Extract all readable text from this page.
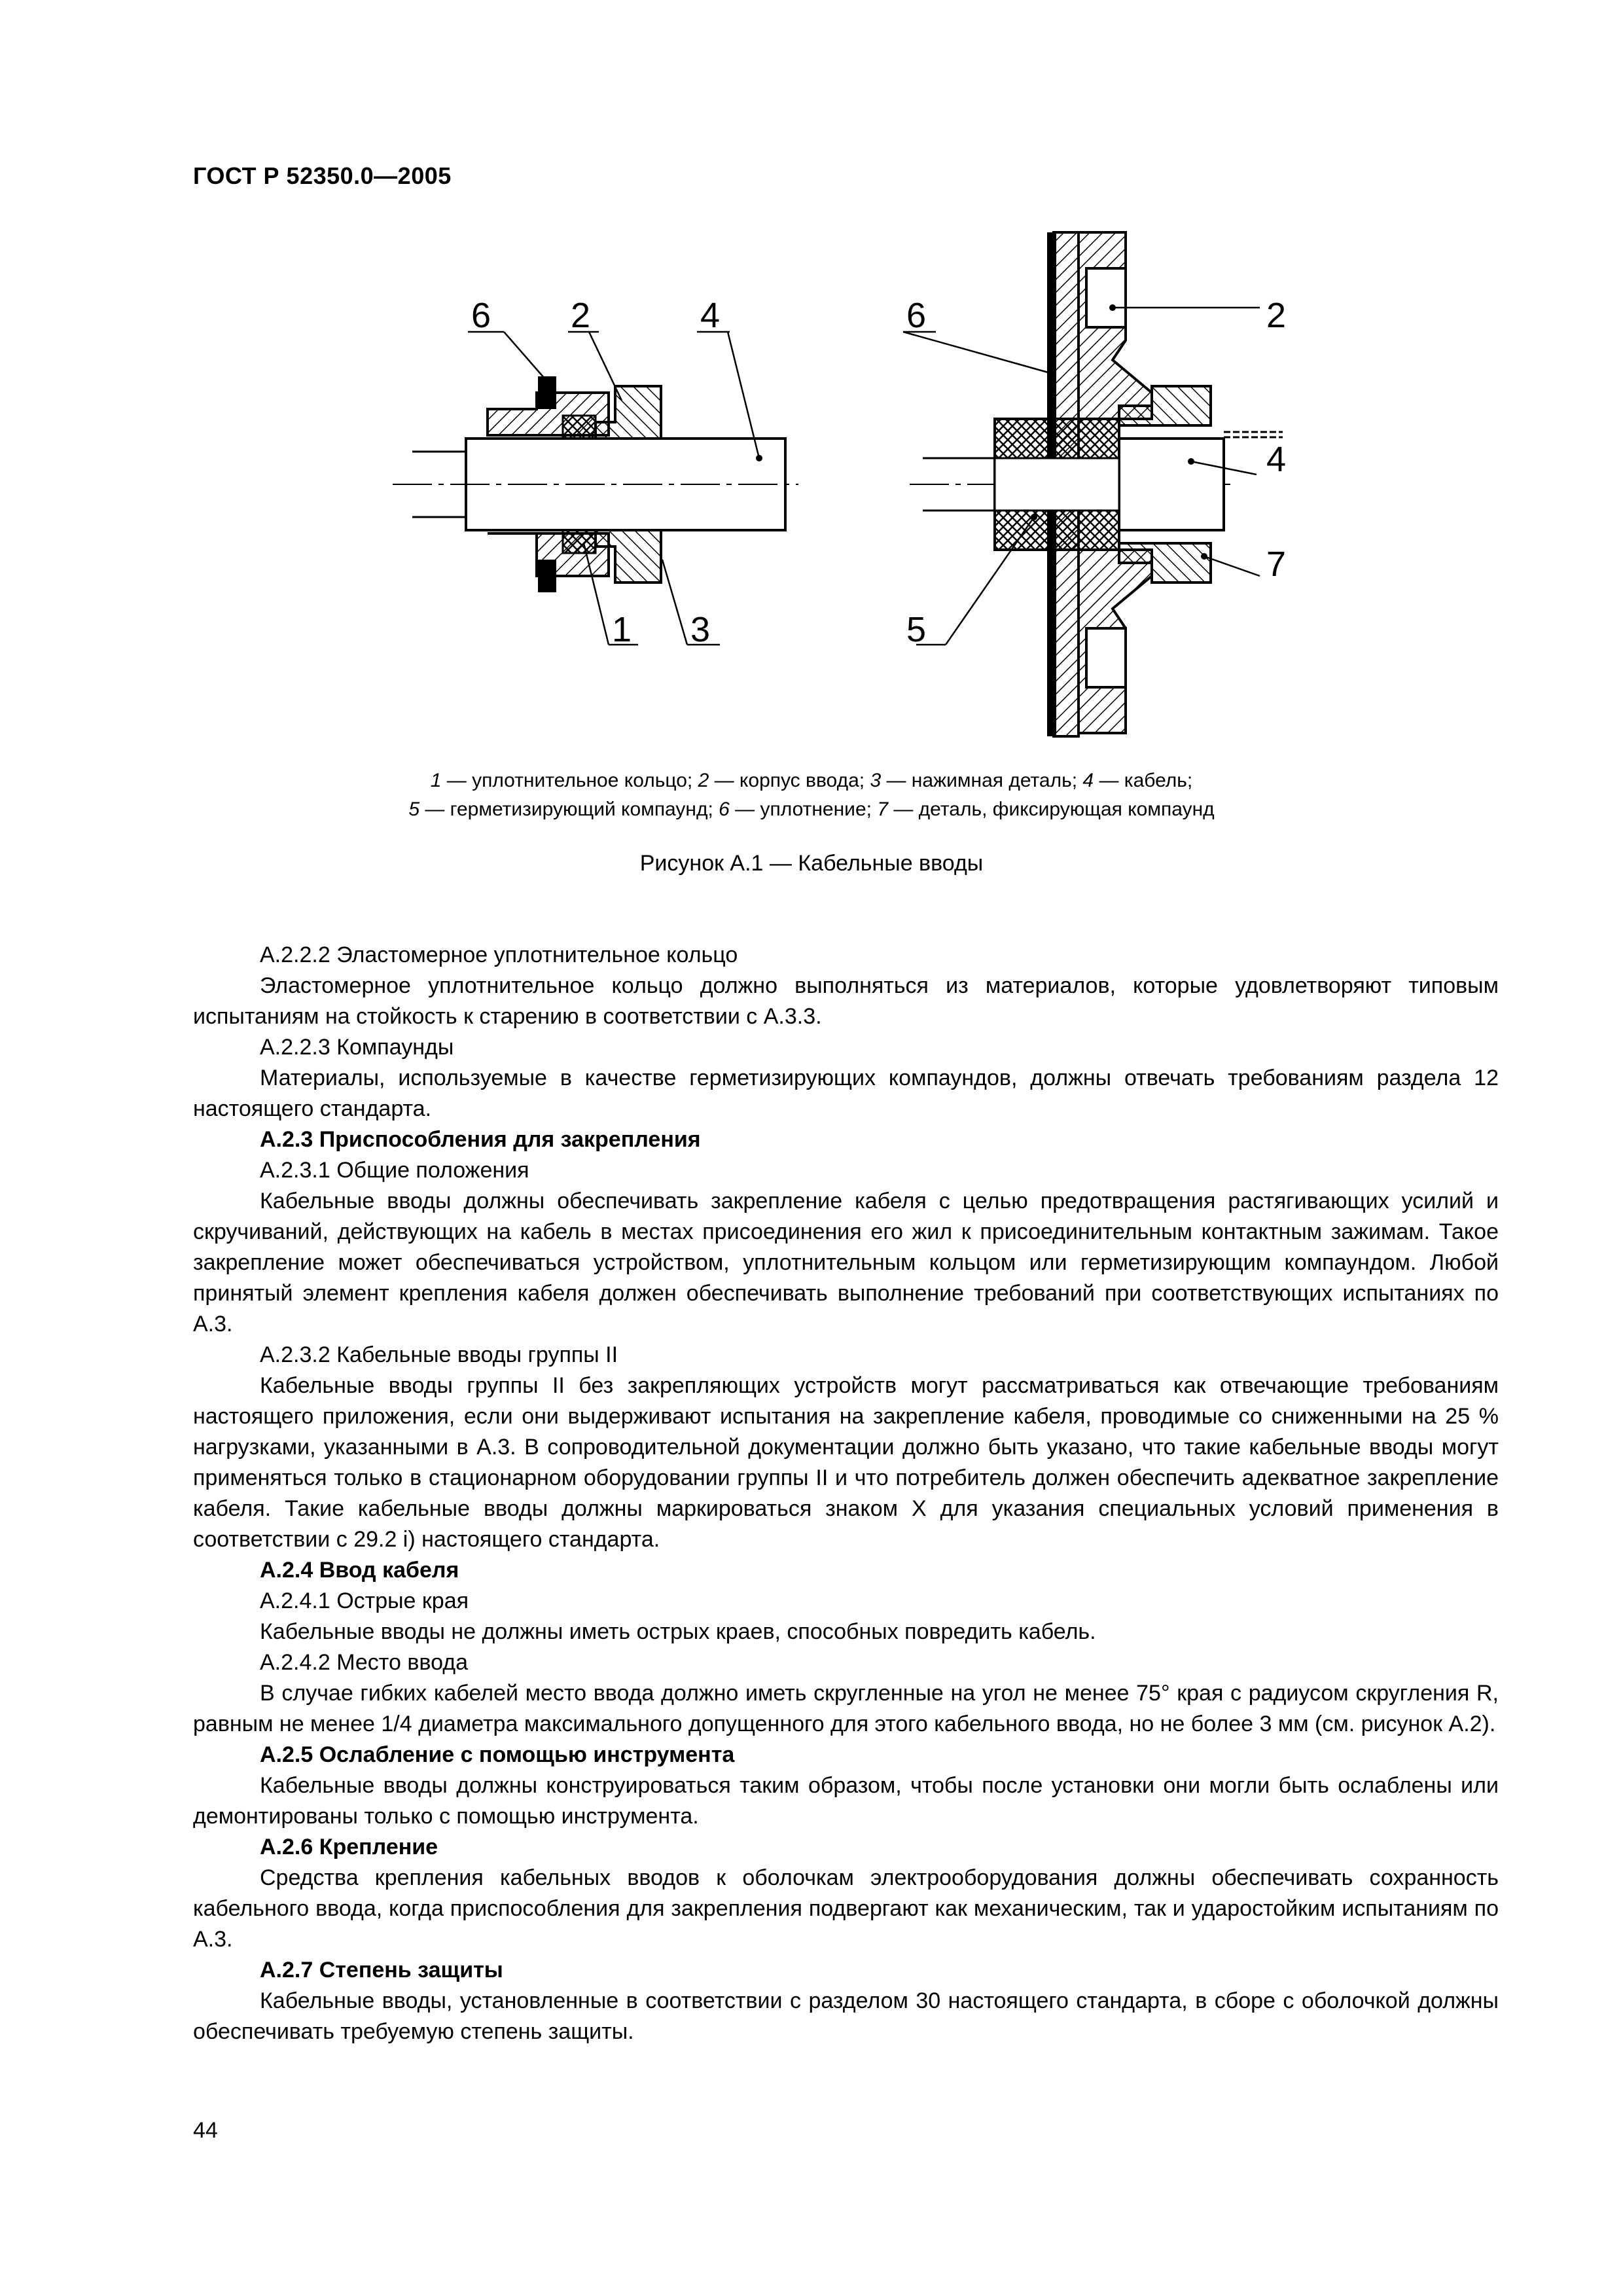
ГОСТ Р 52350.0—2005
6 2	4
1 3
6	2
4
7
5
1 — уплотнительное кольцо; 2 — корпус ввода; 3 — нажимная деталь; 4 — кабель;
5 — герметизирующий компаунд; 6 — уплотнение; 7 — деталь, фиксирующая компаунд
Рисунок А.1 — Кабельные вводы

А.2.2.2 Эластомерное уплотнительное кольцо

Эластомерное уплотнительное кольцо должно выполняться из материалов, которые удовлетворяют типовым испытаниям на стойкость к старению в соответствии с А.3.3.

А.2.2.3 Компаунды

Материалы, используемые в качестве герметизирующих компаундов, должны отвечать требованиям раздела 12 настоящего стандарта.

А.2.3 Приспособления для закрепления

А.2.3.1 Общие положения

Кабельные вводы должны обеспечивать закрепление кабеля с целью предотвращения растягивающих усилий и скручиваний, действующих на кабель в местах присоединения его жил к присоединительным контактным зажимам. Такое закрепление может обеспечиваться устройством, уплотнительным кольцом или герметизирующим компаундом. Любой принятый элемент крепления кабеля должен обеспечивать выполнение требований при соответствующих испытаниях по А.3.

А.2.3.2 Кабельные вводы группы II

Кабельные вводы группы II без закрепляющих устройств могут рассматриваться как отвечающие требованиям настоящего приложения, если они выдерживают испытания на закрепление кабеля, проводимые со сниженными на 25 % нагрузками, указанными в А.3. В сопроводительной документации должно быть указано, что такие кабельные вводы могут применяться только в стационарном оборудовании группы II и что потребитель должен обеспечить адекватное закрепление кабеля. Такие кабельные вводы должны маркироваться знаком X для указания специальных условий применения в соответствии с 29.2 i) настоящего стандарта.

А.2.4 Ввод кабеля

А.2.4.1 Острые края

Кабельные вводы не должны иметь острых краев, способных повредить кабель.

А.2.4.2 Место ввода

В случае гибких кабелей место ввода должно иметь скругленные на угол не менее 75° края с радиусом скругления R, равным не менее 1/4 диаметра максимального допущенного для этого кабельного ввода, но не более 3 мм (см. рисунок А.2).

А.2.5 Ослабление с помощью инструмента

Кабельные вводы должны конструироваться таким образом, чтобы после установки они могли быть ослаблены или демонтированы только с помощью инструмента.

А.2.6 Крепление

Средства крепления кабельных вводов к оболочкам электрооборудования должны обеспечивать сохранность кабельного ввода, когда приспособления для закрепления подвергают как механическим, так и ударостойким испытаниям по А.3.

А.2.7 Степень защиты

Кабельные вводы, установленные в соответствии с разделом 30 настоящего стандарта, в сборе с оболочкой должны обеспечивать требуемую степень защиты.

44
